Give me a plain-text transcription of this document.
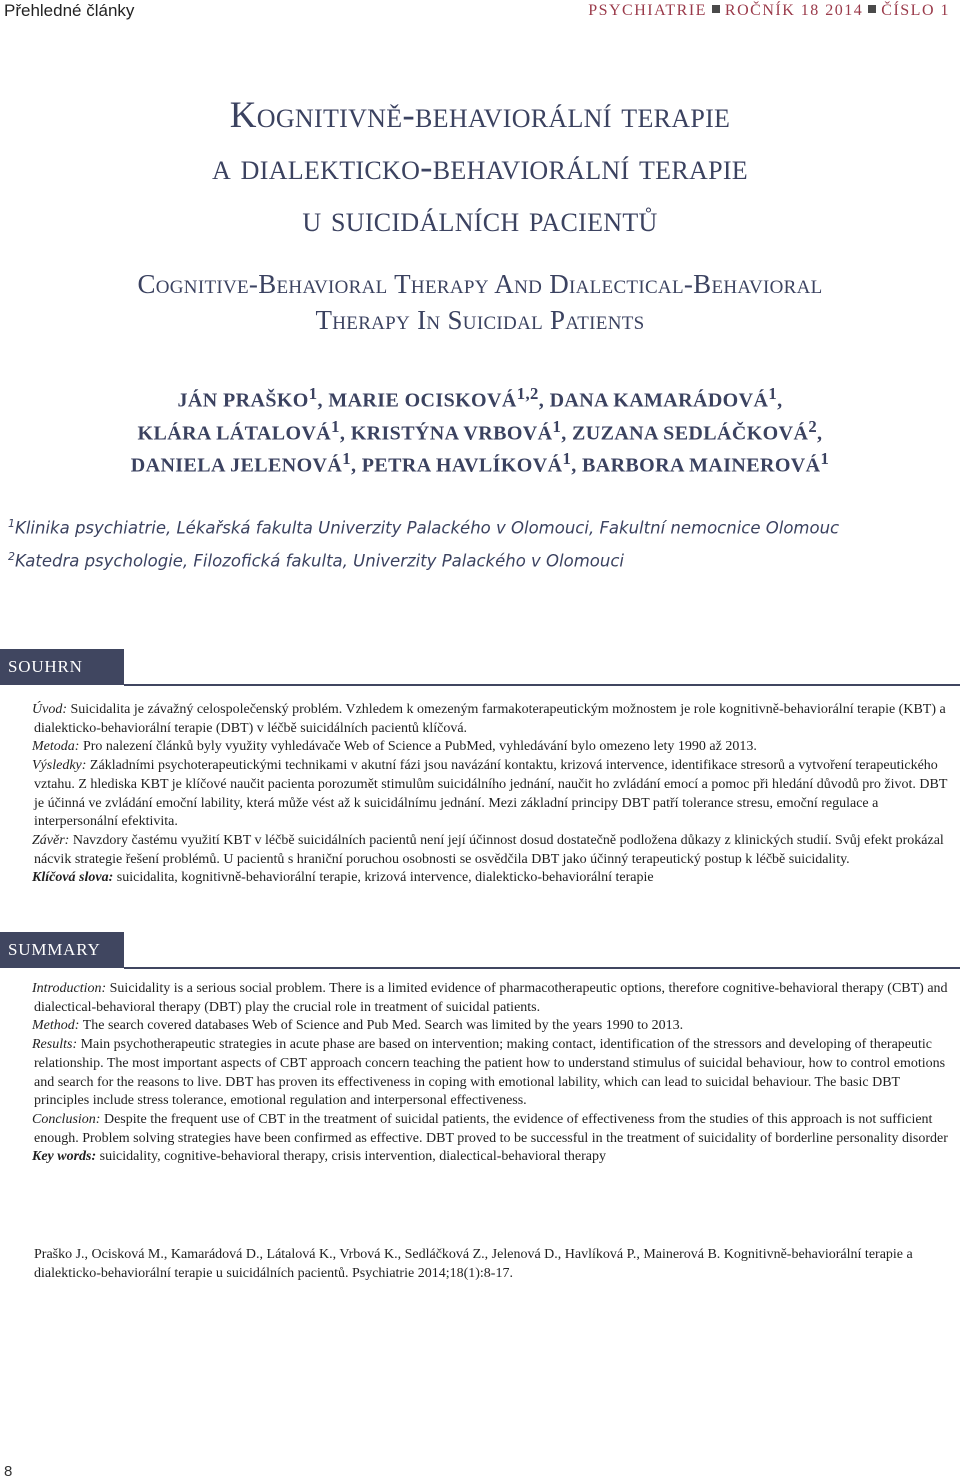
Přehledné články	PSYCHIATRIE ROČNÍK 18 2014 ČÍSLO 1
Kognitivně-behaviorální terapie
a dialekticko-behaviorální terapie
u suicidálních pacientů
Cognitive-Behavioral Therapy And Dialectical-Behavioral
Therapy In Suicidal Patients
JÁN PRAŠKO$^1$, MARIE OCISKOVÁ$^{1,2}$, DANA KAMARÁDOVÁ$^1$,
KLÁRA LÁTALOVÁ$^1$, KRISTÝNA VRBOVÁ$^1$, ZUZANA SEDLÁČKOVÁ$^2$,
DANIELA JELENOVÁ$^1$, PETRA HAVLÍKOVÁ$^1$, BARBORA MAINEROVÁ$^1$
$^1$Klinika psychiatrie, Lékařská fakulta Univerzity Palackého v Olomouci, Fakultní nemocnice Olomouc
$^2$Katedra psychologie, Filozofická fakulta, Univerzity Palackého v Olomouci
SOUHRN

Úvod: Suicidalita je závažný celospolečenský problém. Vzhledem k omezeným farmakoterapeutickým možnostem je role kognitivně-behaviorální terapie (KBT) a dialekticko-behaviorální terapie (DBT) v léčbě suicidálních pacientů klíčová.

Metoda: Pro nalezení článků byly využity vyhledávače Web of Science a PubMed, vyhledávání bylo omezeno lety 1990 až 2013.

Výsledky: Základními psychoterapeutickými technikami v akutní fázi jsou navázání kontaktu, krizová intervence, identifikace stresorů a vytvoření terapeutického vztahu. Z hlediska KBT je klíčové naučit pacienta porozumět stimulům suicidálního jednání, naučit ho zvládání emocí a pomoc při hledání důvodů pro život. DBT je účinná ve zvládání emoční lability, která může vést až k suicidálnímu jednání. Mezi základní principy DBT patří tolerance stresu, emoční regulace a interpersonální efektivita.

Závěr: Navzdory častému využití KBT v léčbě suicidálních pacientů není její účinnost dosud dostatečně podložena důkazy z klinických studií. Svůj efekt prokázal nácvik strategie řešení problémů. U pacientů s hraniční poruchou osobnosti se osvědčila DBT jako účinný terapeutický postup k léčbě suicidality.

Klíčová slova: suicidalita, kognitivně-behaviorální terapie, krizová intervence, dialekticko-behaviorální terapie

SUMMARY

Introduction: Suicidality is a serious social problem. There is a limited evidence of pharmacotherapeutic options, therefore cognitive-behavioral therapy (CBT) and dialectical-behavioral therapy (DBT) play the crucial role in treatment of suicidal patients.

Method: The search covered databases Web of Science and Pub Med. Search was limited by the years 1990 to 2013.

Results: Main psychotherapeutic strategies in acute phase are based on intervention; making contact, identification of the stressors and developing of therapeutic relationship. The most important aspects of CBT approach concern teaching the patient how to understand stimulus of suicidal behaviour, how to control emotions and search for the reasons to live. DBT has proven its effectiveness in coping with emotional lability, which can lead to suicidal behaviour. The basic DBT principles include stress tolerance, emotional regulation and interpersonal effectiveness.

Conclusion: Despite the frequent use of CBT in the treatment of suicidal patients, the evidence of effectiveness from the studies of this approach is not sufficient enough. Problem solving strategies have been confirmed as effective. DBT proved to be successful in the treatment of suicidality of borderline personality disorder

Key words: suicidality, cognitive-behavioral therapy, crisis intervention, dialectical-behavioral therapy

Praško J., Ocisková M., Kamarádová D., Látalová K., Vrbová K., Sedláčková Z., Jelenová D., Havlíková P., Mainerová B. Kognitivně-behaviorální terapie a dialekticko-behaviorální terapie u suicidálních pacientů. Psychiatrie 2014;18(1):8-17.
8
